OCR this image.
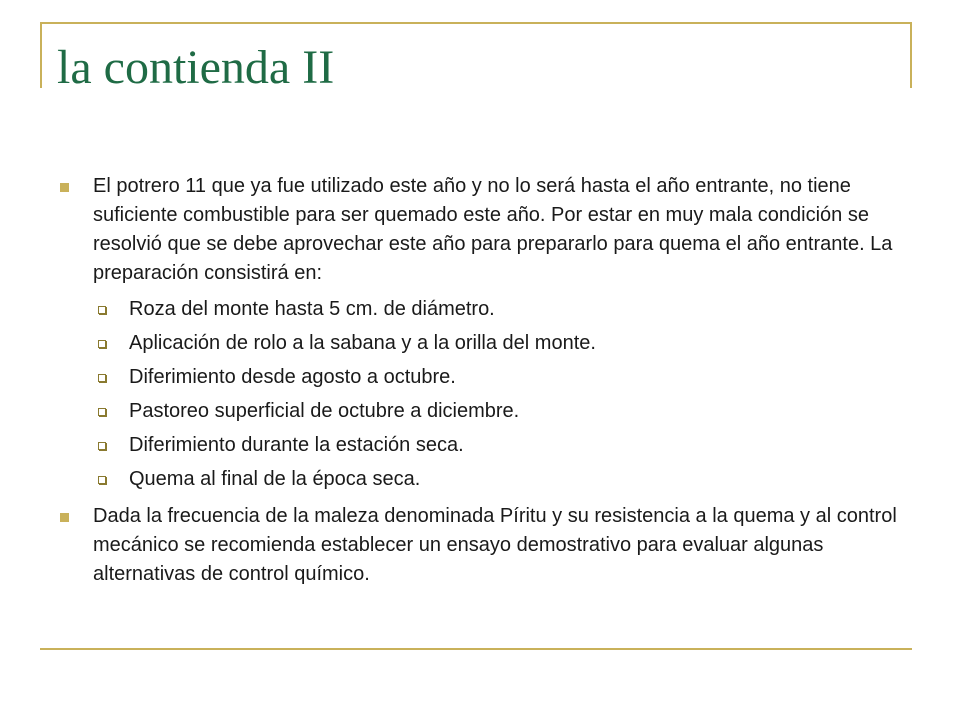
la contienda II
El potrero 11 que ya fue utilizado este año y no lo será hasta el año entrante, no tiene suficiente combustible para ser quemado este año. Por estar en muy mala condición se resolvió que se debe aprovechar este año para prepararlo para quema el año entrante. La preparación consistirá en:
Roza del monte hasta 5 cm. de diámetro.
Aplicación de rolo a la sabana y a la orilla del monte.
Diferimiento desde agosto a octubre.
Pastoreo superficial de octubre a diciembre.
Diferimiento durante la estación seca.
Quema al final de la época seca.
Dada la frecuencia de la maleza denominada Píritu y su resistencia a la quema y al control mecánico se recomienda establecer un ensayo demostrativo para evaluar algunas alternativas de control químico.
